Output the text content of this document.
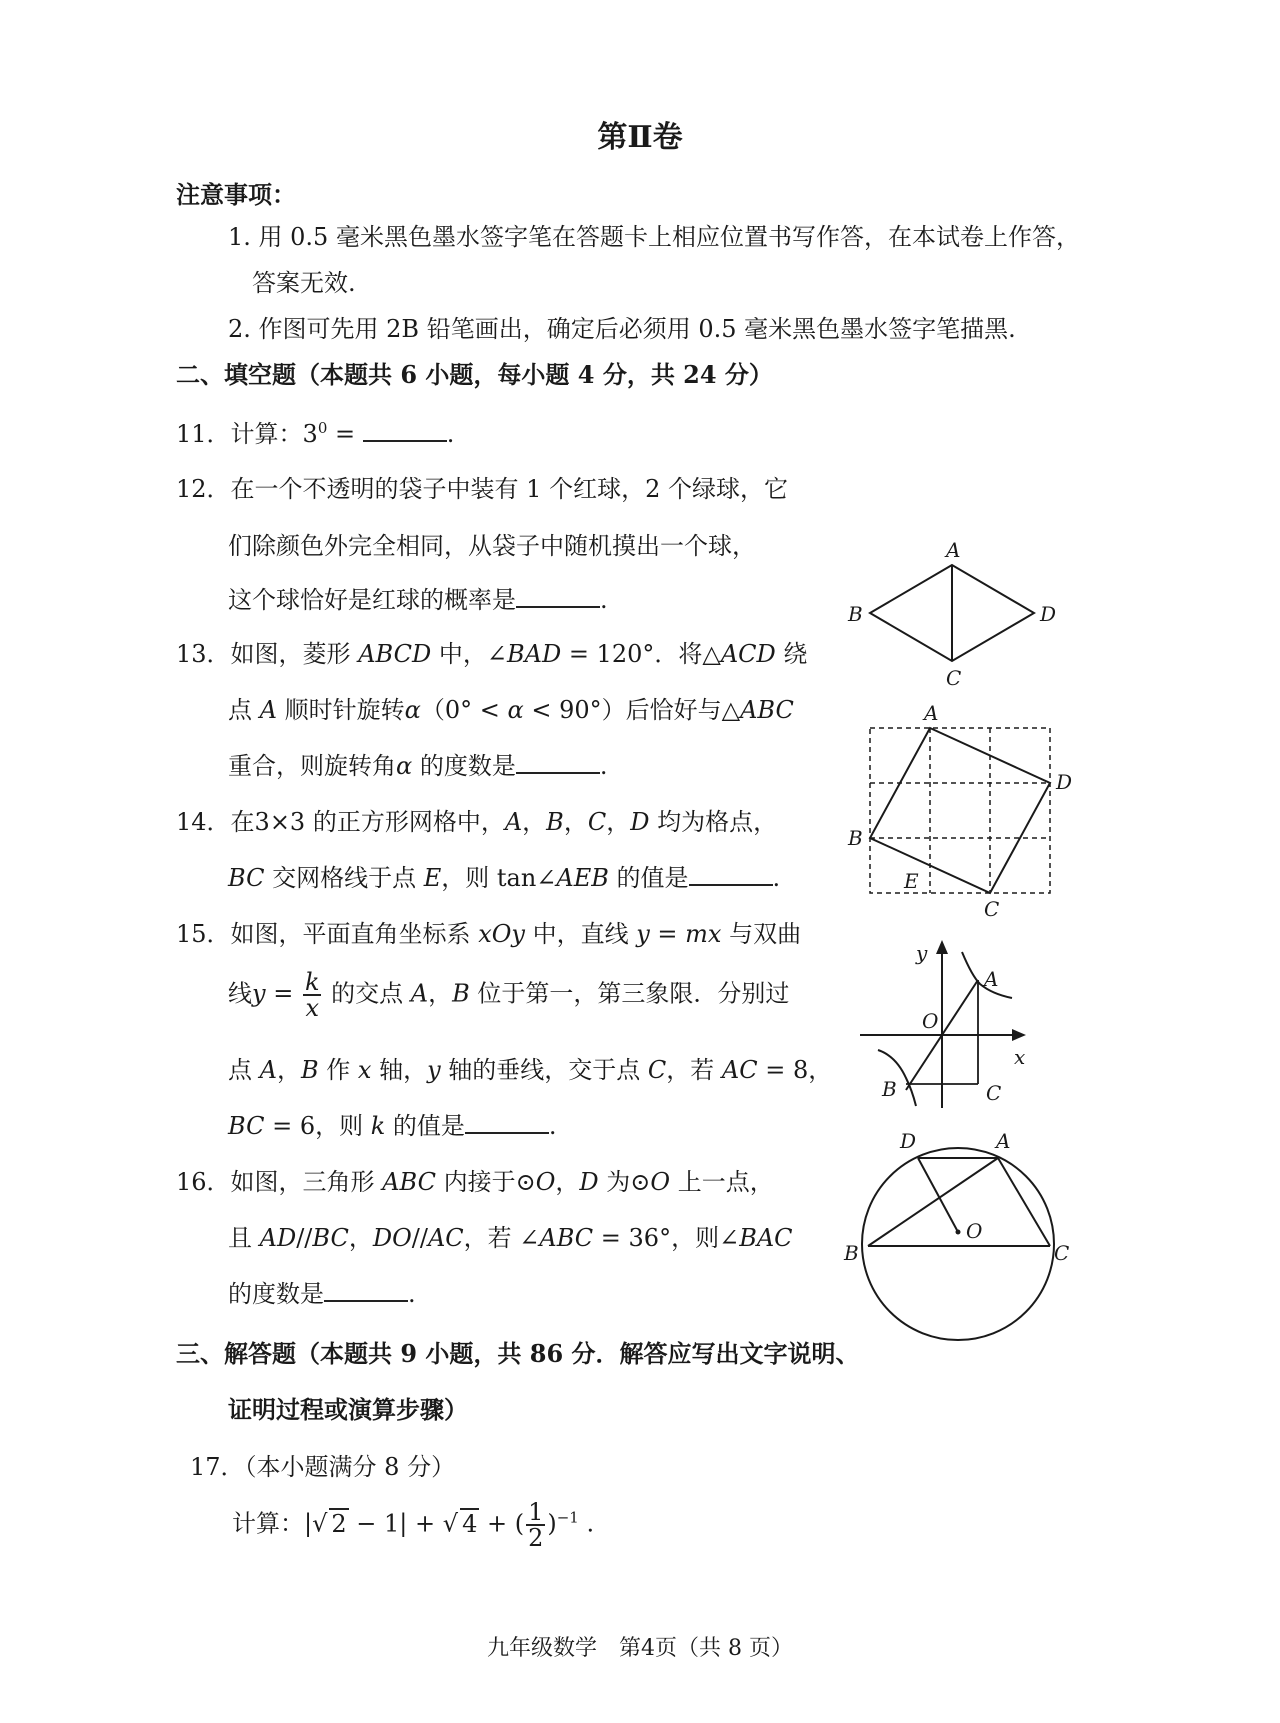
第Ⅱ卷
注意事项：
1. 用 0.5 毫米黑色墨水签字笔在答题卡上相应位置书写作答，在本试卷上作答，
答案无效.
2. 作图可先用 2B 铅笔画出，确定后必须用 0.5 毫米黑色墨水签字笔描黑.
二、填空题（本题共 6 小题，每小题 4 分，共 24 分）
11．计算：$3^0$ =	.
12．在一个不透明的袋子中装有 1 个红球，2 个绿球，它
们除颜色外完全相同，从袋子中随机摸出一个球，
这个球恰好是红球的概率是	.
13．如图，菱形 ABCD 中，∠BAD = 120°．将△ACD 绕
点 A 顺时针旋转α（0° < α < 90°）后恰好与△ABC
重合，则旋转角α 的度数是	.
14．在3×3 的正方形网格中，A，B，C，D 均为格点，
BC 交网格线于点 E，则 tan∠AEB 的值是	.
15．如图，平面直角坐标系 xOy 中，直线 y = mx 与双曲
线$y = \frac{k}{x}$ 的交点 A，B 位于第一，第三象限．分别过
点 A，B 作 x 轴，y 轴的垂线，交于点 C，若 AC = 8，
BC = 6，则 k 的值是	.
16．如图，三角形 ABC 内接于⊙O，D 为⊙O 上一点，
且 AD//BC，DO//AC，若 ∠ABC = 36°，则∠BAC
的度数是	.
三、解答题（本题共 9 小题，共 86 分．解答应写出文字说明、
证明过程或演算步骤）
17．（本小题满分 8 分）
计算：|√ 2 − 1| + √ 4 + ( $\frac{1}{2} )^{-1}$ .
A
B
C
D
A
D
B
C
E
y
A
O
x
B	C
D	A
O
B	C
九年级数学　第4页（共 8 页）
